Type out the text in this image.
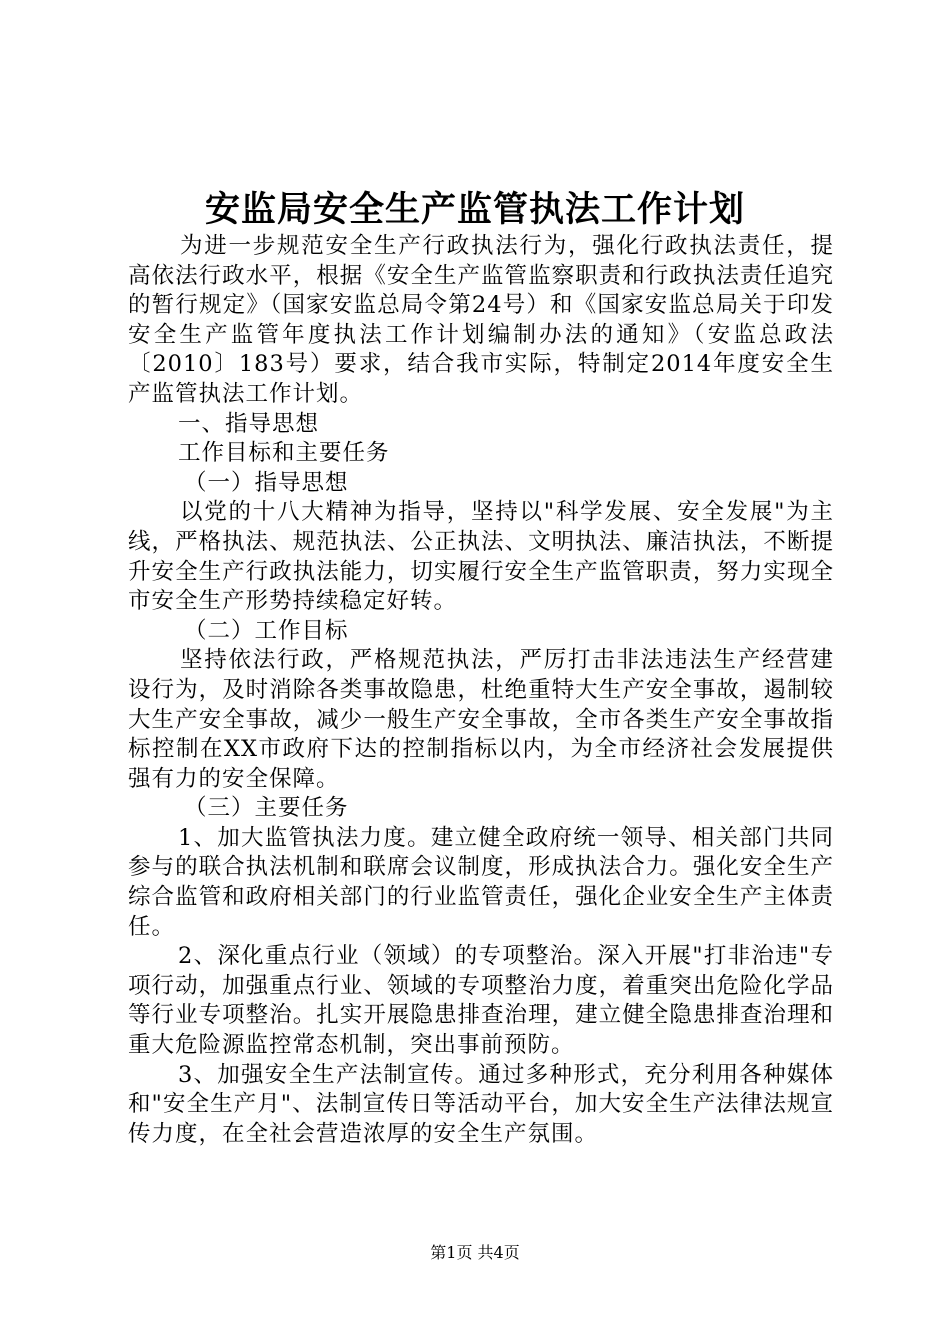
安监局安全生产监管执法工作计划

为进一步规范安全生产行政执法行为，强化行政执法责任，提高依法行政水平，根据《安全生产监管监察职责和行政执法责任追究的暂行规定》（国家安监总局令第24号）和《国家安监总局关于印发安全生产监管年度执法工作计划编制办法的通知》（安监总政法〔2010〕183号）要求，结合我市实际，特制定2014年度安全生产监管执法工作计划。

一、指导思想

工作目标和主要任务

（一）指导思想

以党的十八大精神为指导，坚持以"科学发展、安全发展"为主线，严格执法、规范执法、公正执法、文明执法、廉洁执法，不断提升安全生产行政执法能力，切实履行安全生产监管职责，努力实现全市安全生产形势持续稳定好转。

（二）工作目标

坚持依法行政，严格规范执法，严厉打击非法违法生产经营建设行为，及时消除各类事故隐患，杜绝重特大生产安全事故，遏制较大生产安全事故，减少一般生产安全事故，全市各类生产安全事故指标控制在XX市政府下达的控制指标以内，为全市经济社会发展提供强有力的安全保障。

（三）主要任务

1、加大监管执法力度。建立健全政府统一领导、相关部门共同参与的联合执法机制和联席会议制度，形成执法合力。强化安全生产综合监管和政府相关部门的行业监管责任，强化企业安全生产主体责任。

2、深化重点行业（领域）的专项整治。深入开展"打非治违"专项行动，加强重点行业、领域的专项整治力度，着重突出危险化学品等行业专项整治。扎实开展隐患排查治理，建立健全隐患排查治理和重大危险源监控常态机制，突出事前预防。

3、加强安全生产法制宣传。通过多种形式，充分利用各种媒体和"安全生产月"、法制宣传日等活动平台，加大安全生产法律法规宣传力度，在全社会营造浓厚的安全生产氛围。

第1页 共4页
